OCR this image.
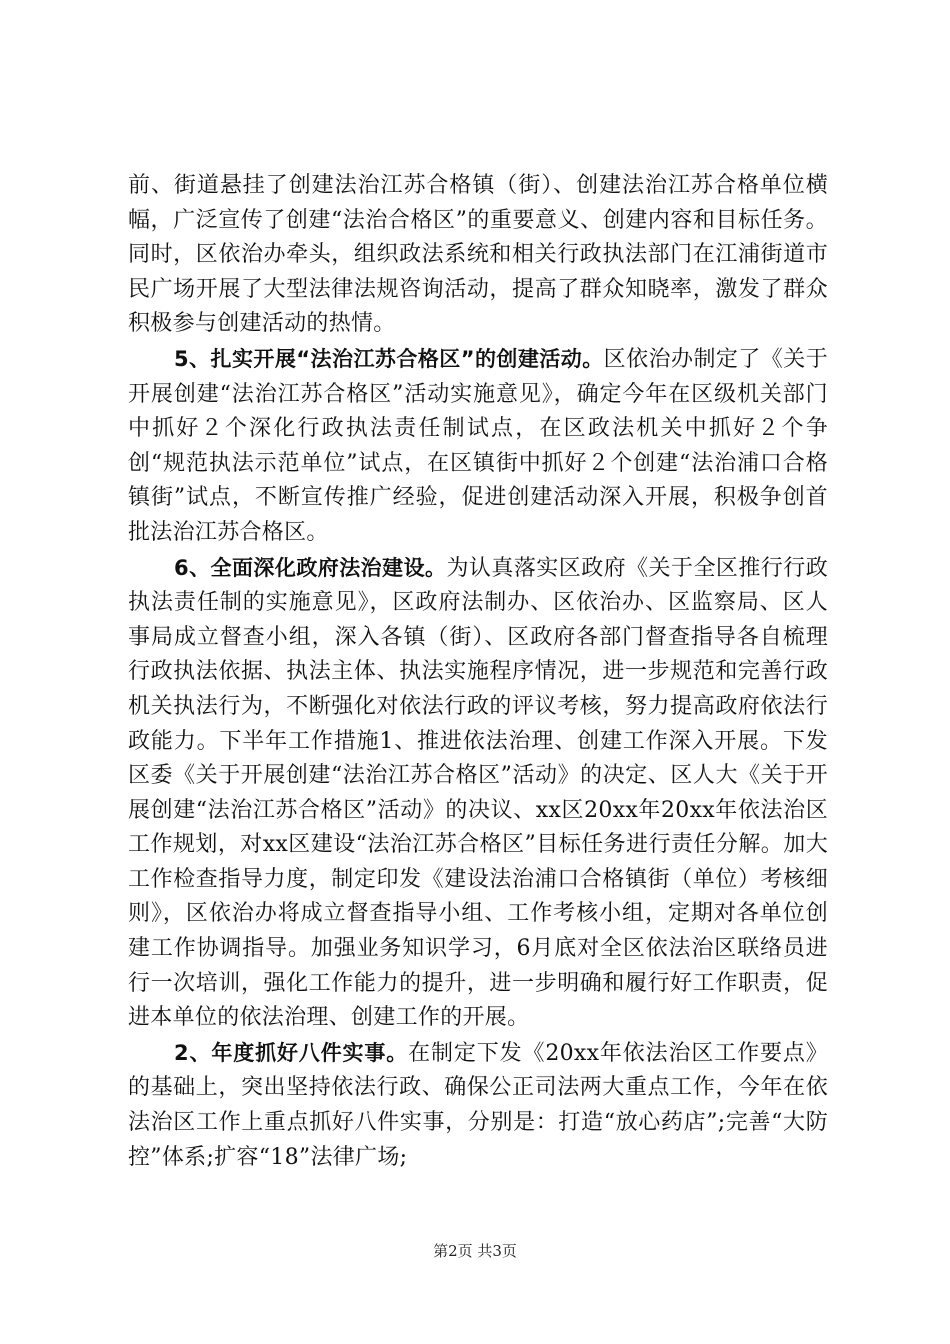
前、街道悬挂了创建法治江苏合格镇（街）、创建法治江苏合格单位横幅，广泛宣传了创建“法治合格区”的重要意义、创建内容和目标任务。同时，区依治办牵头，组织政法系统和相关行政执法部门在江浦街道市民广场开展了大型法律法规咨询活动，提高了群众知晓率，激发了群众积极参与创建活动的热情。

5、扎实开展“法治江苏合格区”的创建活动。区依治办制定了《关于开展创建“法治江苏合格区”活动实施意见》，确定今年在区级机关部门中抓好２个深化行政执法责任制试点，在区政法机关中抓好２个争创“规范执法示范单位”试点，在区镇街中抓好２个创建“法治浦口合格镇街”试点，不断宣传推广经验，促进创建活动深入开展，积极争创首批法治江苏合格区。

6、全面深化政府法治建设。为认真落实区政府《关于全区推行行政执法责任制的实施意见》，区政府法制办、区依治办、区监察局、区人事局成立督查小组，深入各镇（街）、区政府各部门督查指导各自梳理行政执法依据、执法主体、执法实施程序情况，进一步规范和完善行政机关执法行为，不断强化对依法行政的评议考核，努力提高政府依法行政能力。下半年工作措施1、推进依法治理、创建工作深入开展。下发区委《关于开展创建“法治江苏合格区”活动》的决定、区人大《关于开展创建“法治江苏合格区”活动》的决议、xx区20xx年20xx年依法治区工作规划，对xx区建设“法治江苏合格区”目标任务进行责任分解。加大工作检查指导力度，制定印发《建设法治浦口合格镇街（单位）考核细则》，区依治办将成立督查指导小组、工作考核小组，定期对各单位创建工作协调指导。加强业务知识学习，6月底对全区依法治区联络员进行一次培训，强化工作能力的提升，进一步明确和履行好工作职责，促进本单位的依法治理、创建工作的开展。

2、年度抓好八件实事。在制定下发《20xx年依法治区工作要点》的基础上，突出坚持依法行政、确保公正司法两大重点工作，今年在依法治区工作上重点抓好八件实事，分别是：打造“放心药店”;完善“大防控”体系;扩容“18”法律广场;

第2页 共3页
